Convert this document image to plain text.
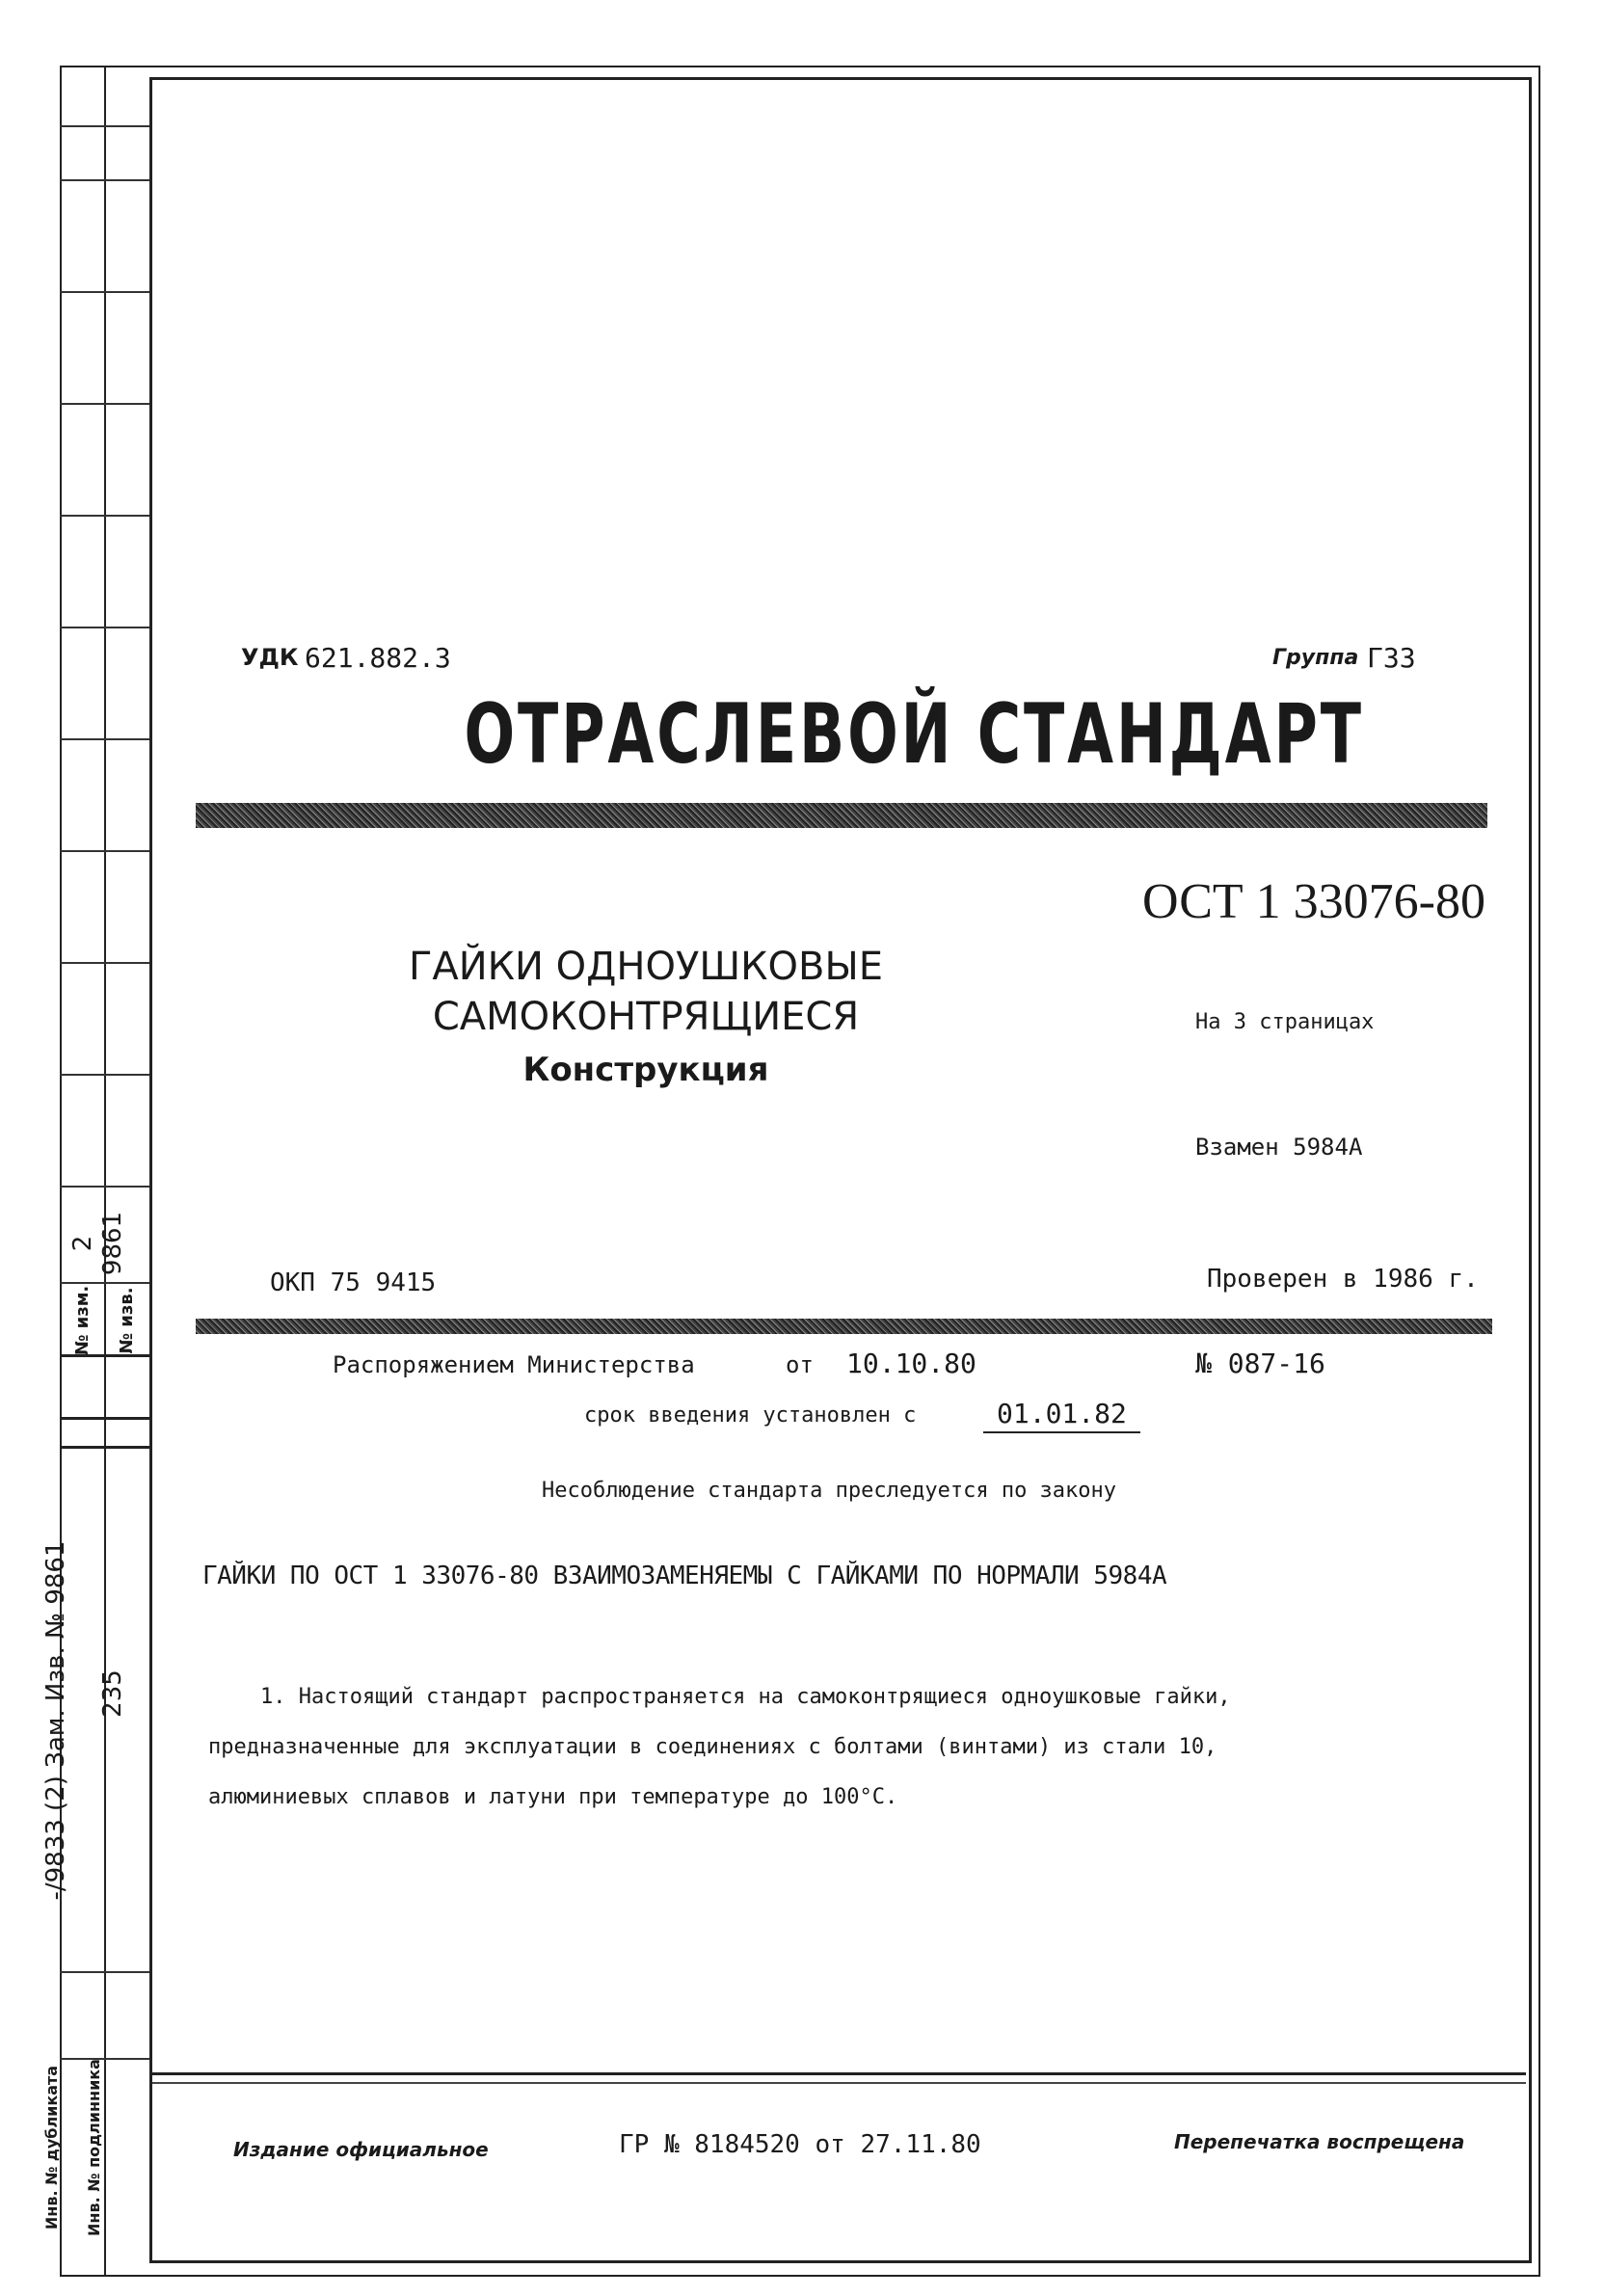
2 9861
№ изм.	№ изв.
235
-/9833 (2) Зам. Изв. № 9861
Инв. № дубликата	Инв. № подлинника
УДК 621.882.3	Группа Г33
ОТРАСЛЕВОЙ СТАНДАРТ
ОСТ 1 33076-80
ГАЙКИ ОДНОУШКОВЫЕ
САМОКОНТРЯЩИЕСЯ
Конструкция
На 3 страницах
Взамен 5984А
ОКП 75 9415	Проверен в 1986 г.
Распоряжением Министерства	от 10.10.80	№ 087-16
срок введения установлен с	01.01.82
Несоблюдение стандарта преследуется по закону
ГАЙКИ ПО ОСТ 1 33076-80 ВЗАИМОЗАМЕНЯЕМЫ С ГАЙКАМИ ПО НОРМАЛИ 5984А
1. Настоящий стандарт распространяется на самоконтрящиеся одноушковые гайки,
предназначенные для эксплуатации в соединениях с болтами (винтами) из стали 10,
алюминиевых сплавов и латуни при температуре до 100°С.
Издание официальное	ГР № 8184520 от 27.11.80	Перепечатка воспрещена
